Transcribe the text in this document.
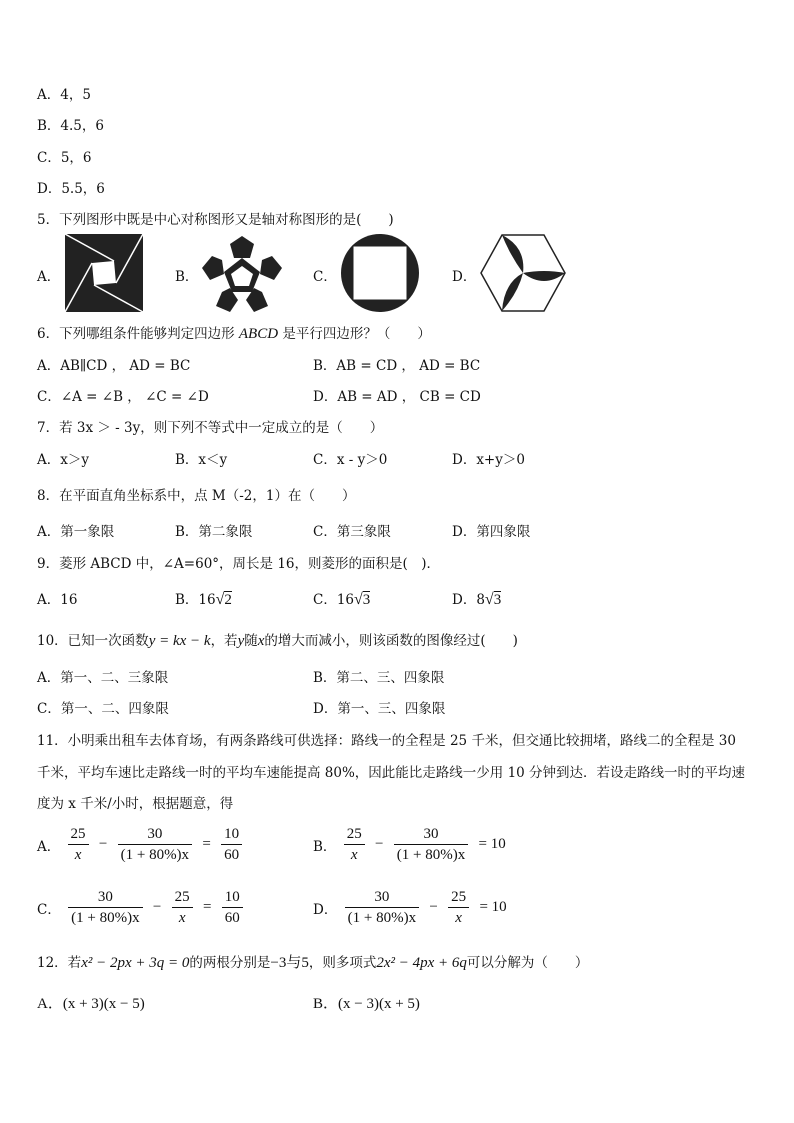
A．4，5
B．4.5，6
C．5，6
D．5.5，6
5．下列图形中既是中心对称图形又是轴对称图形的是(　　)
A．	B．	C．	D．
6．下列哪组条件能够判定四边形 ABCD 是平行四边形？（　　）
A．AB∥CD ， AD = BC	B．AB = CD ， AD = BC
C．∠A = ∠B ， ∠C = ∠D	D．AB = AD ， CB = CD
7．若 3x ＞ - 3y，则下列不等式中一定成立的是（　　）
A．x＞y	B．x＜y	C．x - y＞0	D．x+y＞0
8．在平面直角坐标系中，点 M（-2，1）在（　　）
A．第一象限	B．第二象限	C．第三象限	D．第四象限
9．菱形 ABCD 中，∠A=60°，周长是 16，则菱形的面积是(　)．
A．16	B．16√2	C．16√3	D．8√3
10．已知一次函数y = kx − k，若y随x的增大而减小，则该函数的图像经过(　　)
A．第一、二、三象限	B．第二、三、四象限
C．第一、二、四象限	D．第一、三、四象限
11．小明乘出租车去体育场，有两条路线可供选择：路线一的全程是 25 千米，但交通比较拥堵，路线二的全程是 30
千米，平均车速比走路线一时的平均车速能提高 80%，因此能比走路线一少用 10 分钟到达．若设走路线一时的平均速
度为 x 千米/小时，根据题意，得
A． $\frac{25}{x} - \frac{30}{(1 + 80\%)x} = \frac{10}{60}$	B． $\frac{25}{x} - \frac{30}{(1 + 80\%)x} = 10$
C． $\frac{30}{(1 + 80\%)x} - \frac{25}{x} = \frac{10}{60}$	D． $\frac{30}{(1 + 80\%)x} - \frac{25}{x} = 10$
12．若x² − 2px + 3q = 0的两根分别是−3与5，则多项式2x² − 4px + 6q可以分解为（　　）
A．(x + 3)(x − 5)	B．(x − 3)(x + 5)
